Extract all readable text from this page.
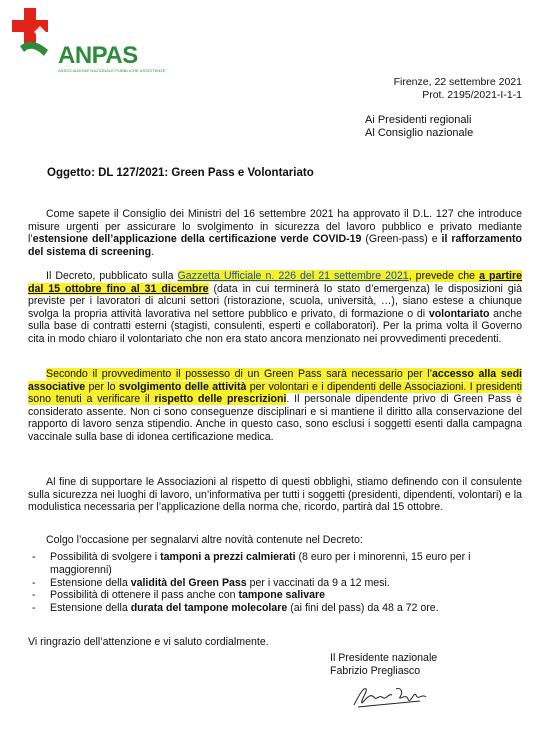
ANPAS
ASSOCIAZIONE NAZIONALE PUBBLICHE ASSISTENZE
Firenze, 22 settembre 2021
Prot. 2195/2021-I-1-1
Ai Presidenti regionali
Al Consiglio nazionale
Oggetto: DL 127/2021: Green Pass e Volontariato
Come sapete il Consiglio dei Ministri del 16 settembre 2021 ha approvato il D.L. 127 che introduce misure urgenti per assicurare lo svolgimento in sicurezza del lavoro pubblico e privato mediante l’estensione dell’applicazione della certificazione verde COVID-19 (Green-pass) e il rafforzamento del sistema di screening.
Il Decreto, pubblicato sulla Gazzetta Ufficiale n. 226 del 21 settembre 2021, prevede che a partire dal 15 ottobre fino al 31 dicembre (data in cui terminerà lo stato d’emergenza) le disposizioni già previste per i lavoratori di alcuni settori (ristorazione, scuola, università, …), siano estese a chiunque svolga la propria attività lavorativa nel settore pubblico e privato, di formazione o di volontariato anche sulla base di contratti esterni (stagisti, consulenti, esperti e collaboratori). Per la prima volta il Governo cita in modo chiaro il volontariato che non era stato ancora menzionato nei provvedimenti precedenti.
Secondo il provvedimento il possesso di un Green Pass sarà necessario per l’accesso alla sedi associative per lo svolgimento delle attività per volontari e i dipendenti delle Associazioni. I presidenti sono tenuti a verificare il rispetto delle prescrizioni. Il personale dipendente privo di Green Pass è considerato assente. Non ci sono conseguenze disciplinari e si mantiene il diritto alla conservazione del rapporto di lavoro senza stipendio. Anche in questo caso, sono esclusi i soggetti esenti dalla campagna vaccinale sulla base di idonea certificazione medica.
Al fine di supportare le Associazioni al rispetto di questi obblighi, stiamo definendo con il consulente sulla sicurezza nei luoghi di lavoro, un’informativa per tutti i soggetti (presidenti, dipendenti, volontari) e la modulistica necessaria per l’applicazione della norma che, ricordo, partirà dal 15 ottobre.
Colgo l’occasione per segnalarvi altre novità contenute nel Decreto:
- Possibilità di svolgere i tamponi a prezzi calmierati (8 euro per i minorenni, 15 euro per i maggiorenni)
- Estensione della validità del Green Pass per i vaccinati da 9 a 12 mesi.
- Possibilità di ottenere il pass anche con tampone salivare
- Estensione della durata del tampone molecolare (ai fini del pass) da 48 a 72 ore.
Vi ringrazio dell’attenzione e vi saluto cordialmente.
Il Presidente nazionale
Fabrizio Pregliasco
